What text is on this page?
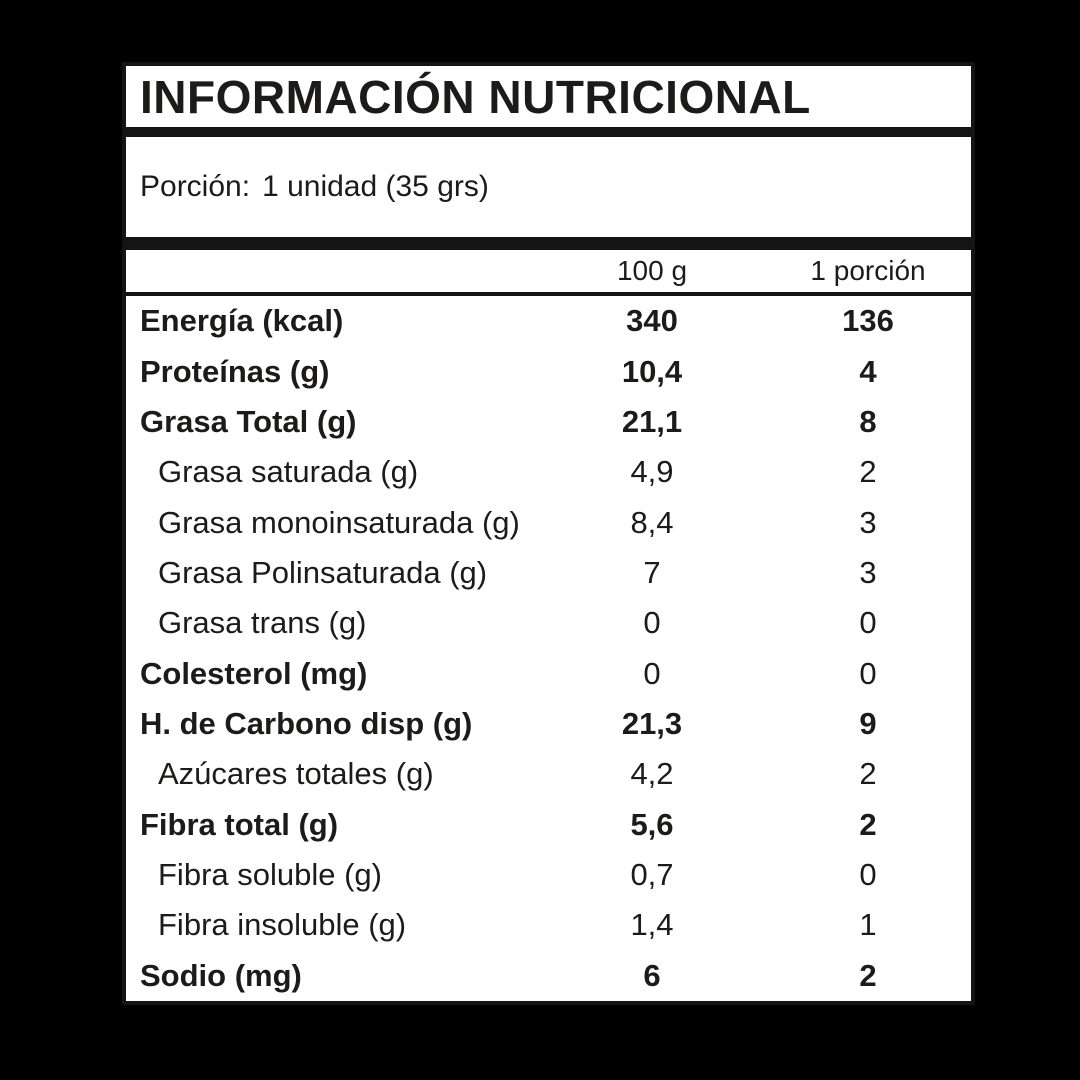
INFORMACIÓN NUTRICIONAL
Porción: 1 unidad (35 grs)
100 g	1 porción
Energía (kcal)	340	136
Proteínas (g)	10,4	4
Grasa Total (g)	21,1	8
Grasa saturada (g)	4,9	2
Grasa monoinsaturada (g)	8,4	3
Grasa Polinsaturada (g)	7	3
Grasa trans (g)	0	0
Colesterol (mg)	0	0
H. de Carbono disp (g)	21,3	9
Azúcares totales (g)	4,2	2
Fibra total (g)	5,6	2
Fibra soluble (g)	0,7	0
Fibra insoluble (g)	1,4	1
Sodio (mg)	6	2
